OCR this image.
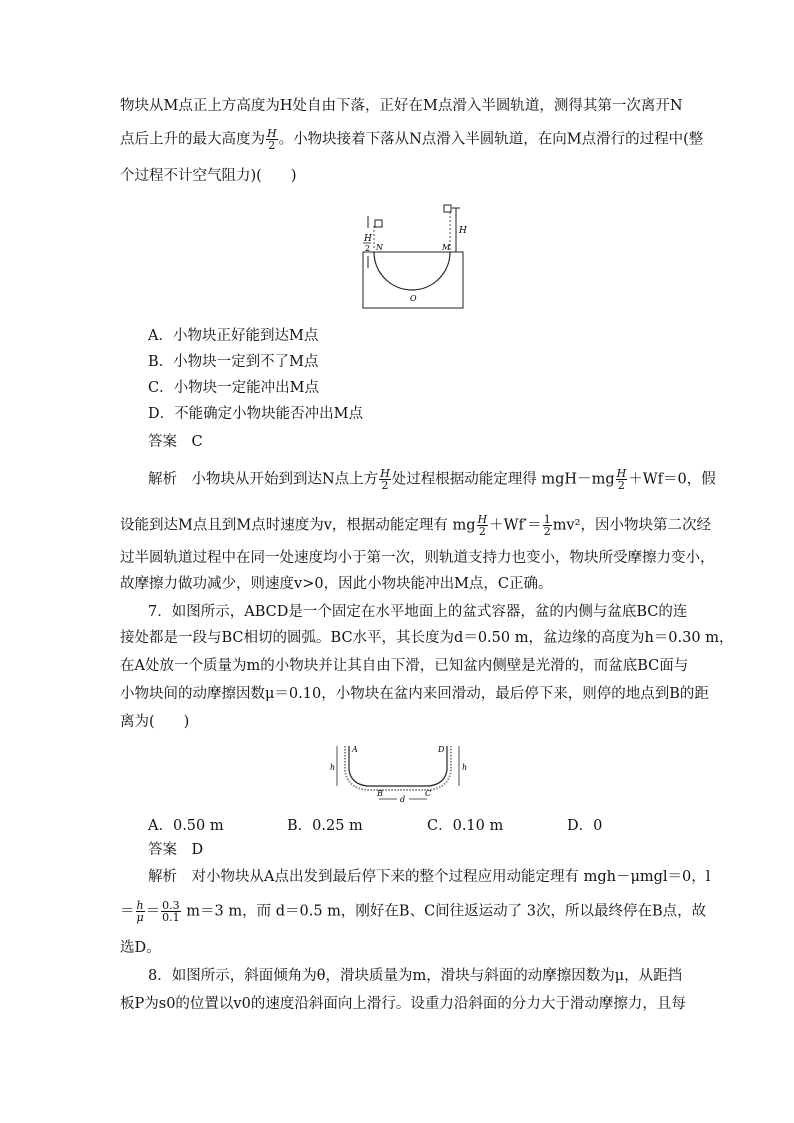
物块从M点正上方高度为H处自由下落，正好在M点滑入半圆轨道，测得其第一次离开N
点后上升的最大高度为 $\frac{H}{2}$ 。小物块接着下落从N点滑入半圆轨道，在向M点滑行的过程中(整
个过程不计空气阻力)(　　)
H
2 N	M
H
O
A．小物块正好能到达M点
B．小物块一定到不了M点
C．小物块一定能冲出M点
D．不能确定小物块能否冲出M点
答案　C
解析　小物块从开始到到达N点上方 $\frac{H}{2}$ 处过程根据动能定理得 $mgH-mg \frac{H}{2} +Wf=0$，假
设能到达M点且到M点时速度为v，根据动能定理有 mg $\frac{H}{2} +Wf'= \frac{1}{2} mv^2$，因小物块第二次经
过半圆轨道过程中在同一处速度均小于第一次，则轨道支持力也变小，物块所受摩擦力变小，
故摩擦力做功减少，则速度v>0，因此小物块能冲出M点，C正确。
7．如图所示，ABCD是一个固定在水平地面上的盆式容器，盆的内侧与盆底BC的连
接处都是一段与BC相切的圆弧。BC水平，其长度为d＝0.50 m，盆边缘的高度为h＝0.30 m，
在A处放一个质量为m的小物块并让其自由下滑，已知盆内侧壁是光滑的，而盆底BC面与
小物块间的动摩擦因数μ＝0.10，小物块在盆内来回滑动，最后停下来，则停的地点到B的距
离为(　　)
A	D
h	h
B	C
d
A．0.50 m	B．0.25 m	C．0.10 m	D．0
答案　D
解析　对小物块从A点出发到最后停下来的整个过程应用动能定理有 mgh－μmgl＝0，l
＝ $\frac{h}{\mu} = \frac{0.3}{0.1} m=3$ m，而 d＝0.5 m，刚好在B、C间往返运动了 3次，所以最终停在B点，故
选D。
8．如图所示，斜面倾角为θ，滑块质量为m，滑块与斜面的动摩擦因数为μ，从距挡
板P为s0的位置以v0的速度沿斜面向上滑行。设重力沿斜面的分力大于滑动摩擦力，且每
